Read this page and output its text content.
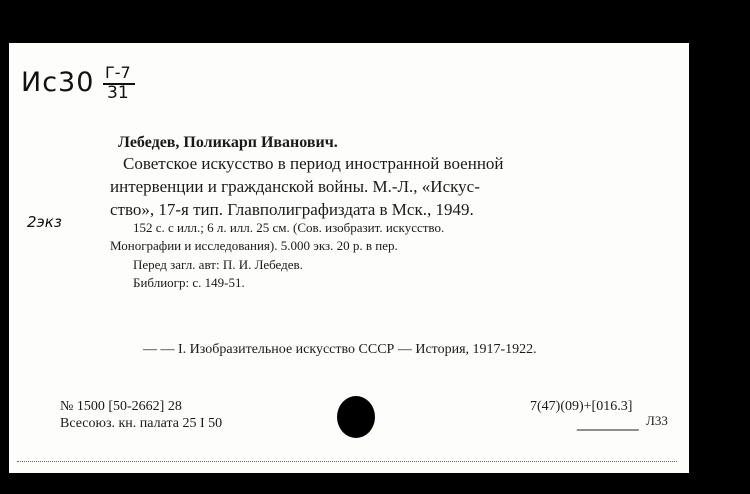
Ис30 Г-7
31
2экз
Лебедев, Поликарп Иванович.
Советское искусство в период иностранной военной
интервенции и гражданской войны. М.-Л., «Искус-
ство», 17-я тип. Главполиграфиздата в Мск., 1949.
152 с. с илл.; 6 л. илл. 25 см. (Сов. изобразит. искусство.
Монографии и исследования). 5.000 экз. 20 р. в пер.
Перед загл. авт: П. И. Лебедев.
Библиогр: с. 149-51.
— — I. Изобразительное искусство СССР — История, 1917-1922.
№ 1500 [50-2662] 28
Всесоюз. кн. палата 25 I 50
7(47)(09)+[016.3]
Л33
